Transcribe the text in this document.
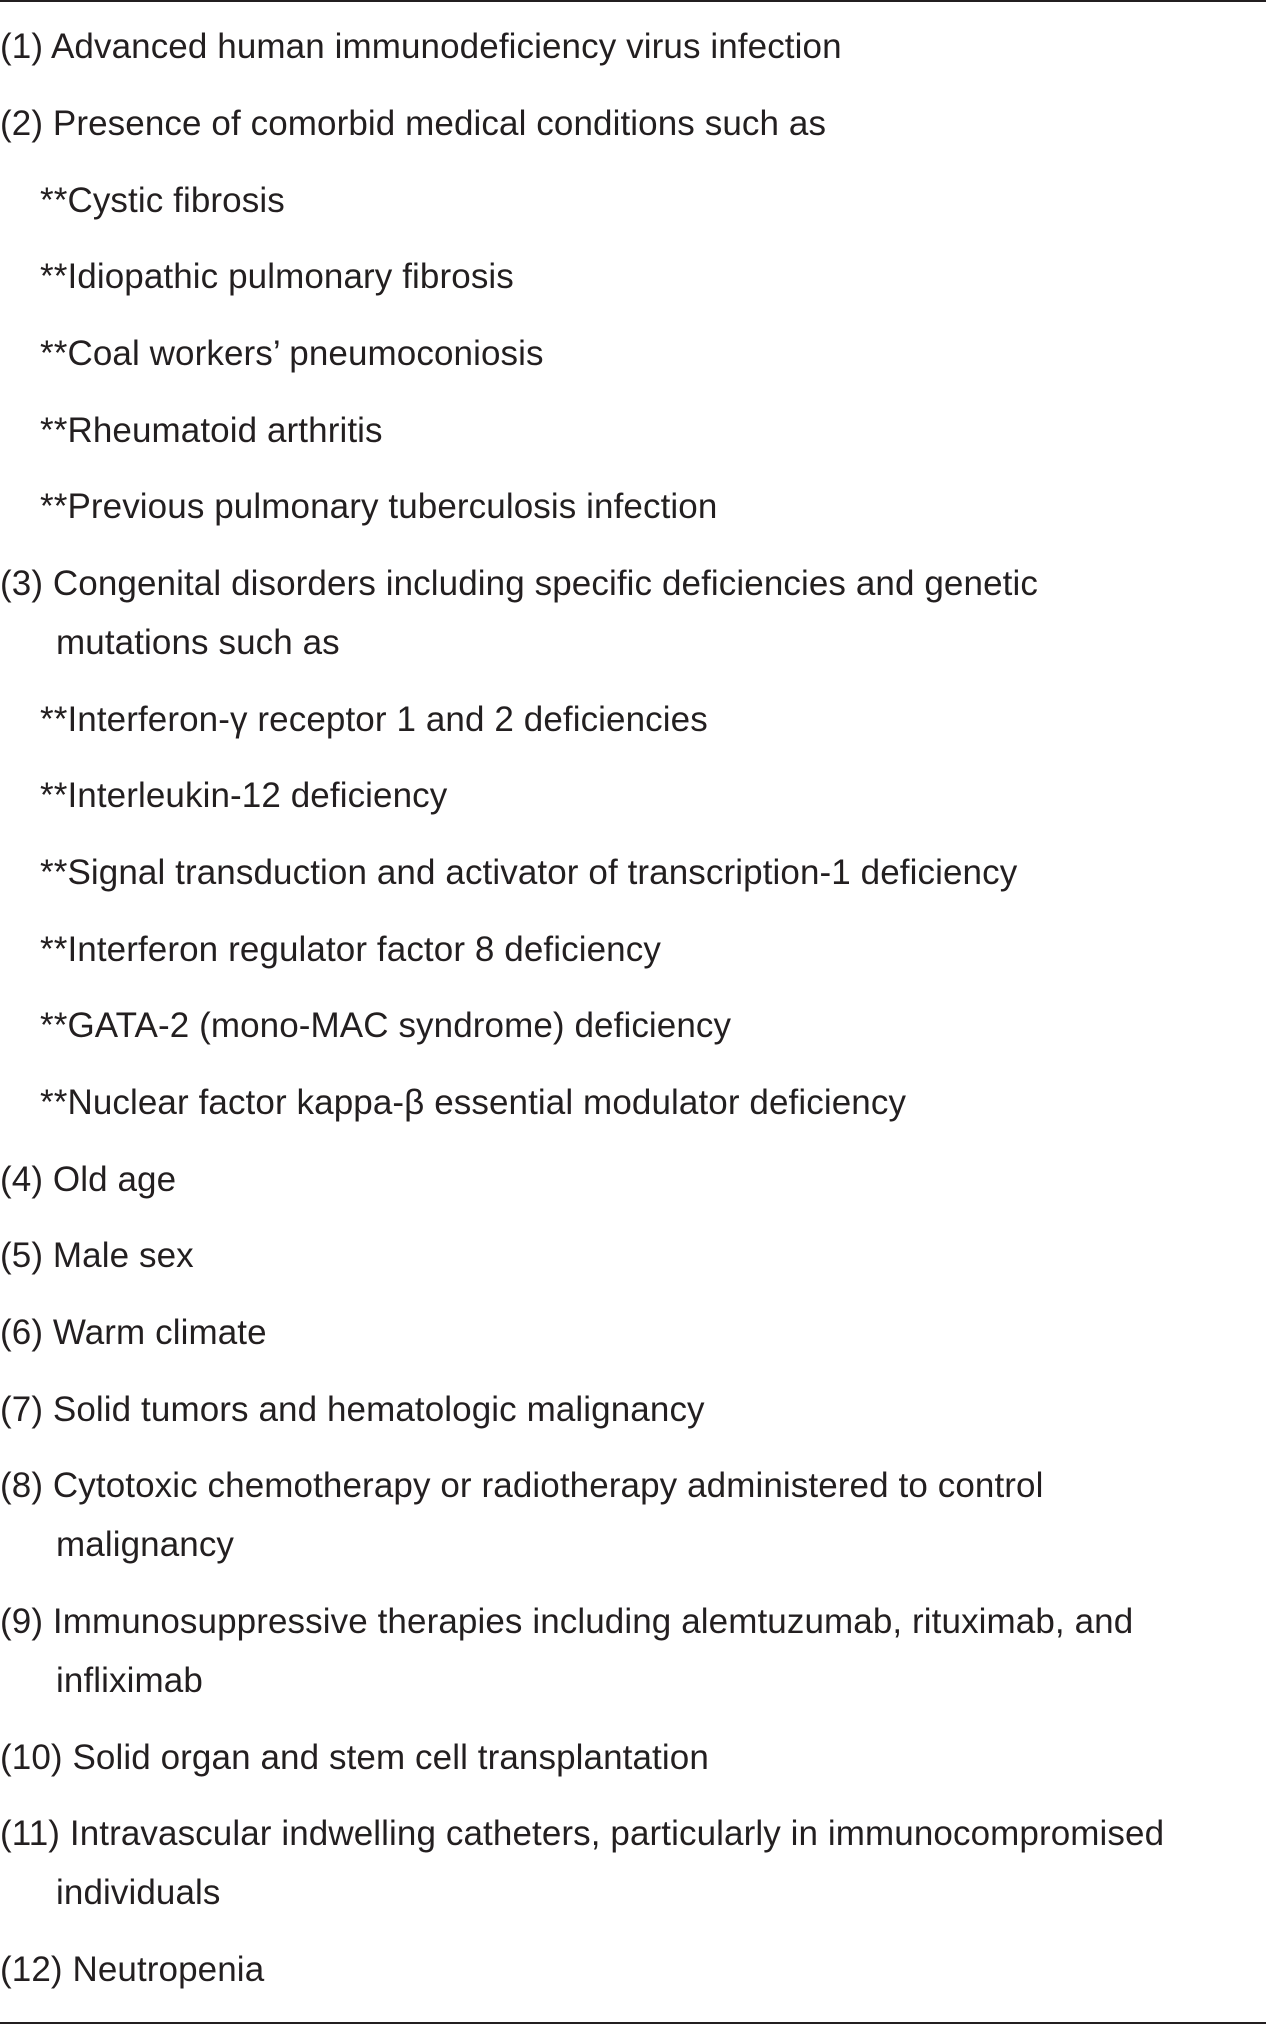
(1) Advanced human immunodeficiency virus infection
(2) Presence of comorbid medical conditions such as
**Cystic fibrosis
**Idiopathic pulmonary fibrosis
**Coal workers’ pneumoconiosis
**Rheumatoid arthritis
**Previous pulmonary tuberculosis infection
(3) Congenital disorders including specific deficiencies and genetic
mutations such as
**Interferon-γ receptor 1 and 2 deficiencies
**Interleukin-12 deficiency
**Signal transduction and activator of transcription-1 deficiency
**Interferon regulator factor 8 deficiency
**GATA-2 (mono-MAC syndrome) deficiency
**Nuclear factor kappa-β essential modulator deficiency
(4) Old age
(5) Male sex
(6) Warm climate
(7) Solid tumors and hematologic malignancy
(8) Cytotoxic chemotherapy or radiotherapy administered to control
malignancy
(9) Immunosuppressive therapies including alemtuzumab, rituximab, and
infliximab
(10) Solid organ and stem cell transplantation
(11) Intravascular indwelling catheters, particularly in immunocompromised
individuals
(12) Neutropenia
